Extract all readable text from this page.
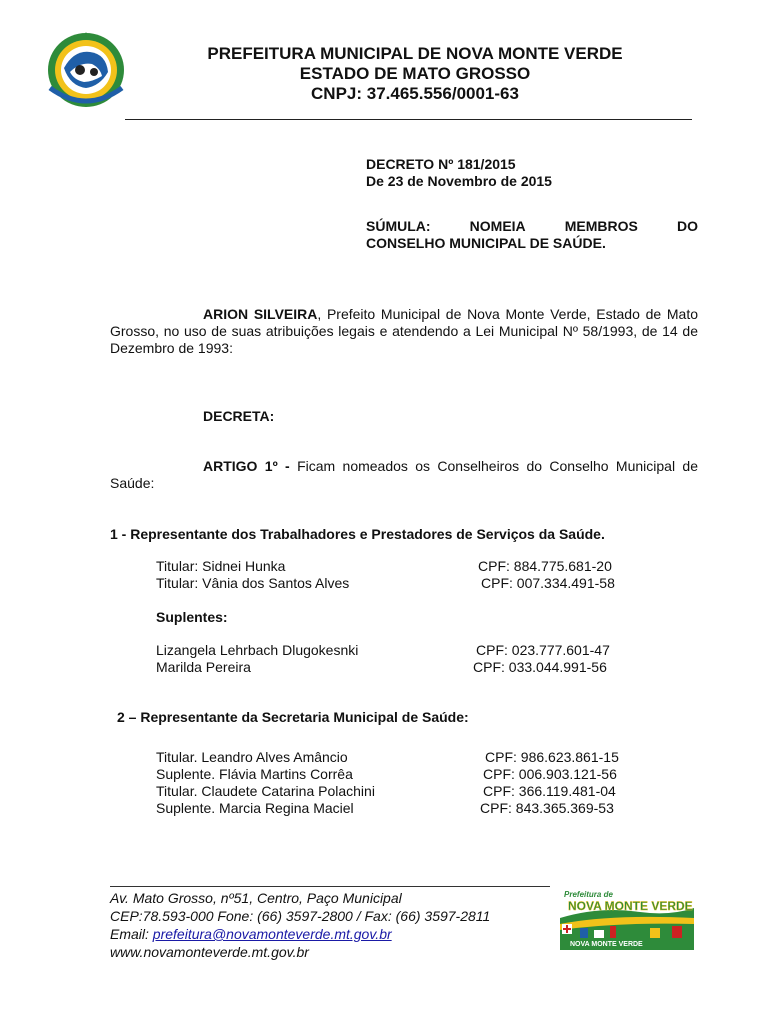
PREFEITURA MUNICIPAL DE NOVA MONTE VERDE
ESTADO DE MATO GROSSO
CNPJ: 37.465.556/0001-63
DECRETO Nº 181/2015
De 23 de Novembro de 2015
SÚMULA:	NOMEIA	MEMBROS	DO
CONSELHO MUNICIPAL DE SAÚDE.
ARION SILVEIRA, Prefeito Municipal de Nova Monte Verde, Estado de Mato Grosso, no uso de suas atribuições legais e atendendo a Lei Municipal Nº 58/1993, de 14 de Dezembro de 1993:
DECRETA:
ARTIGO 1º - Ficam nomeados os Conselheiros do Conselho Municipal de Saúde:
1 - Representante dos Trabalhadores e Prestadores de Serviços da Saúde.
Titular: Sidnei Hunka	CPF: 884.775.681-20
Titular: Vânia dos Santos Alves	CPF: 007.334.491-58
Suplentes:
Lizangela Lehrbach Dlugokesnki	CPF: 023.777.601-47
Marilda Pereira	CPF: 033.044.991-56
2 – Representante da Secretaria Municipal de Saúde:
Titular. Leandro Alves Amâncio	CPF: 986.623.861-15
Suplente. Flávia Martins Corrêa	CPF: 006.903.121-56
Titular. Claudete Catarina Polachini	CPF: 366.119.481-04
Suplente. Marcia Regina Maciel	CPF: 843.365.369-53
Av. Mato Grosso, nº51, Centro, Paço Municipal
CEP:78.593-000 Fone: (66) 3597-2800 / Fax: (66) 3597-2811
Email: prefeitura@novamonteverde.mt.gov.br
www.novamonteverde.mt.gov.br
Prefeitura de
NOVA MONTE VERDE
NOVA MONTE VERDE
